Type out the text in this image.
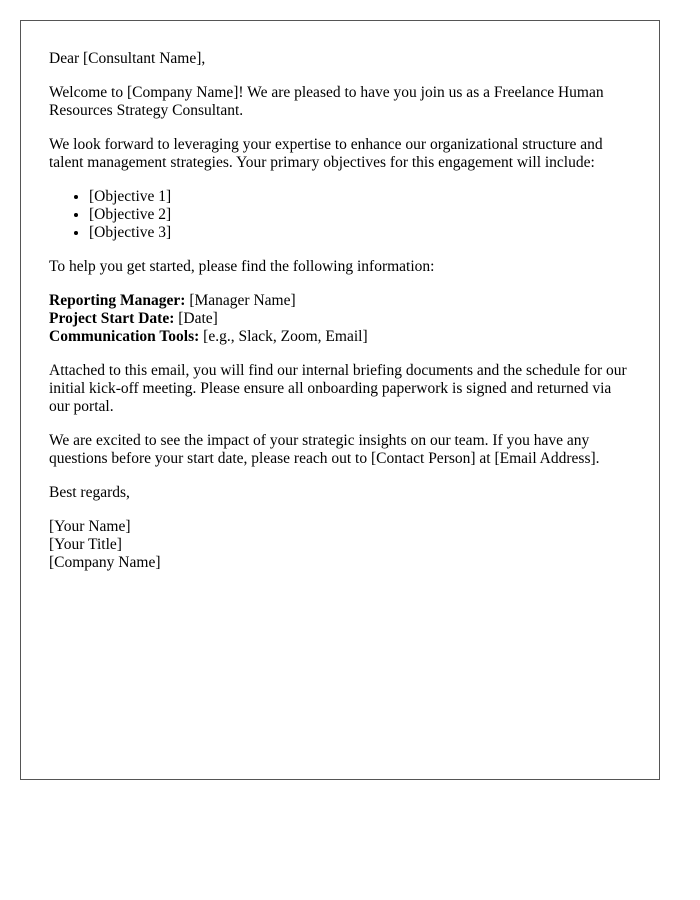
Dear [Consultant Name],

Welcome to [Company Name]! We are pleased to have you join us as a Freelance Human Resources Strategy Consultant.

We look forward to leveraging your expertise to enhance our organizational structure and talent management strategies. Your primary objectives for this engagement will include:

• [Objective 1]
• [Objective 2]
• [Objective 3]

To help you get started, please find the following information:

Reporting Manager: [Manager Name]
Project Start Date: [Date]
Communication Tools: [e.g., Slack, Zoom, Email]

Attached to this email, you will find our internal briefing documents and the schedule for our initial kick-off meeting. Please ensure all onboarding paperwork is signed and returned via our portal.

We are excited to see the impact of your strategic insights on our team. If you have any questions before your start date, please reach out to [Contact Person] at [Email Address].

Best regards,

[Your Name]
[Your Title]
[Company Name]
